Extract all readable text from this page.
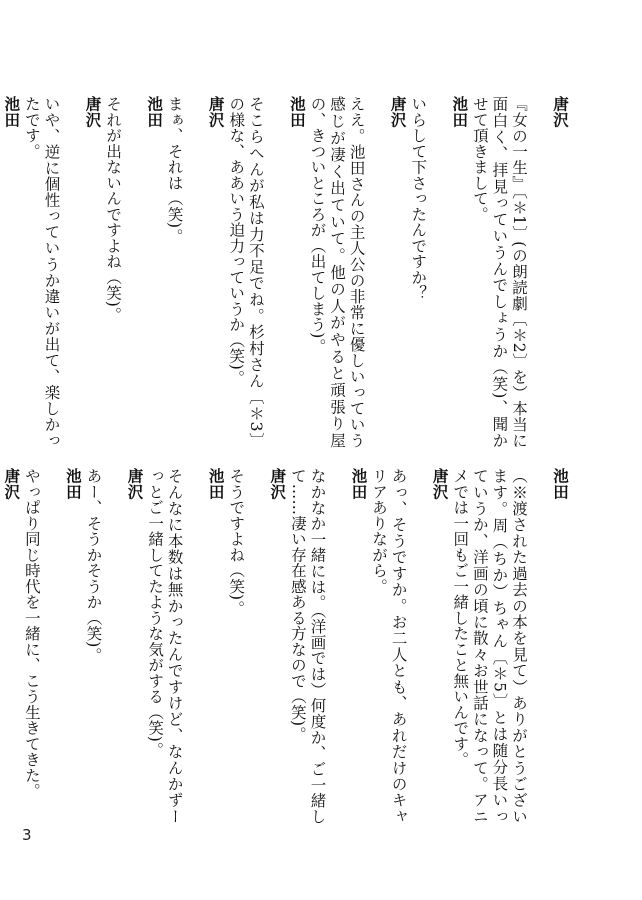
唐沢
『女の一生』〔＊1〕(の朗読劇〔＊2〕を）本当に面白く、拝見っていうんでしょうか（笑)、聞かせて頂きまして。
池田
いらして下さったんですか？
唐沢
ええ。池田さんの主人公の非常に優しいっていう感じが凄く出ていて。他の人がやると頑張り屋の、きついところが（出てしまう)。
池田
そこらへんが私は力不足でね。杉村さん〔＊3〕の様な、ああいう迫力っていうか（笑)。
唐沢
まぁ、それは（笑)。
池田
それが出ないんですよね（笑)。
唐沢
いや、逆に個性っていうか違いが出て、楽しかったです。
池田
池田
（※渡された過去の本を見て）ありがとうございます。周（ちか）ちゃん〔＊5〕とは随分長いっていうか、洋画の頃に散々お世話になって。アニメでは一回もご一緒したこと無いんです。
唐沢
あっ、そうですか。お二人とも、あれだけのキャリアありながら。
池田
なかなか一緒には。（洋画では）何度か、ご一緒して……凄い存在感ある方なので（笑)。
唐沢
そうですよね（笑)。
池田
そんなに本数は無かったんですけど、なんかずーっとご一緒してたような気がする（笑)。
唐沢
あー、そうかそうか（笑)。
池田
やっぱり同じ時代を一緒に、こう生きてきた。
唐沢
3
